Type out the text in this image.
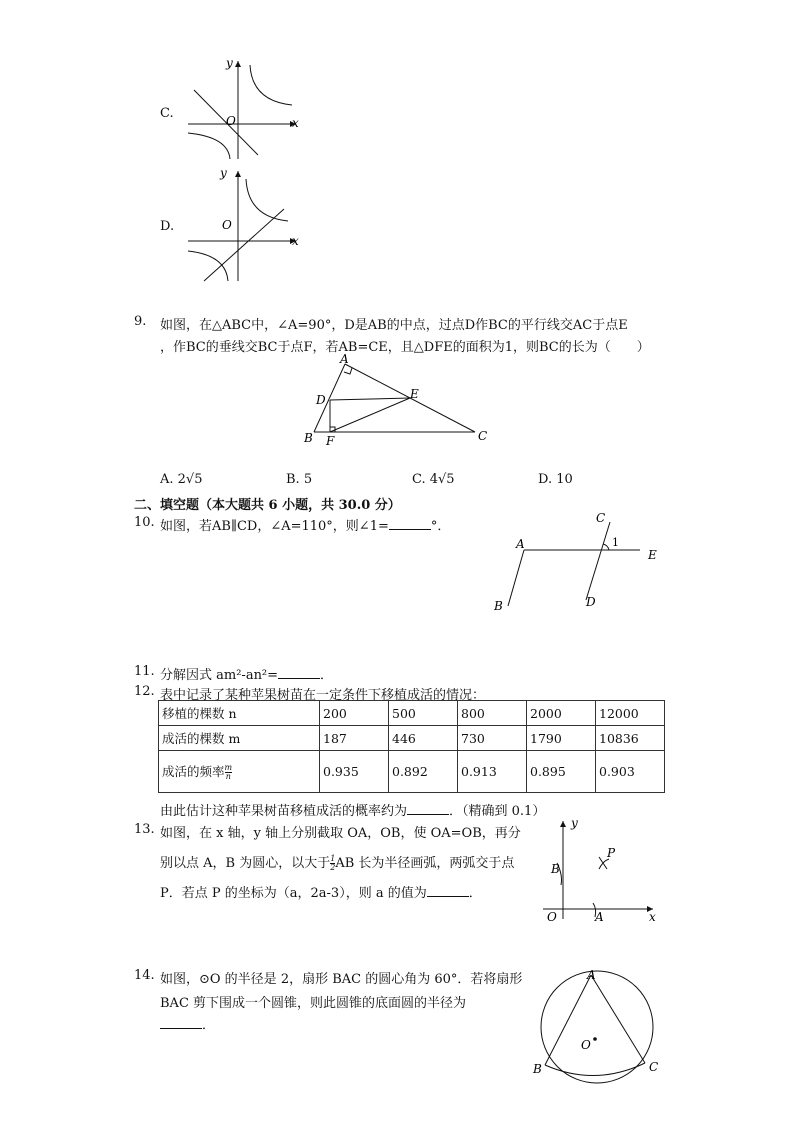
C.
x
y
O
D.
x
y
O
9. 如图，在△ABC中，∠A=90°，D是AB的中点，过点D作BC的平行线交AC于点E
，作BC的垂线交BC于点F，若AB=CE，且△DFE的面积为1，则BC的长为（　　）
A
B	C
D	E
F
A. 2√5	B. 5	C. 4√5	D. 10
二、填空题（本大题共 6 小题，共 30.0 分）
10. 如图，若AB∥CD，∠A=110°，则∠1=	°．
A
B
C
D
E
1
11. 分解因式 am²-an²=	．
12. 表中记录了某种苹果树苗在一定条件下移植成活的情况：
移植的棵数 n	200	500	800	2000	12000
成活的棵数 m	187	446	730	1790	10836
成活的频率 $\frac{m}{n}$	0.935	0.892	0.913	0.895	0.903
由此估计这种苹果树苗移植成活的概率约为	．（精确到 0.1）
13. 如图，在 x 轴，y 轴上分别截取 OA，OB，使 OA=OB，再分
别以点 A，B 为圆心，以大于 $\frac{1}{2}$ AB 长为半径画弧，两弧交于点
P．若点 P 的坐标为（a，2a-3），则 a 的值为	．
y
x
O	A
B
P
14. 如图，⊙O 的半径是 2，扇形 BAC 的圆心角为 60°．若将扇形
BAC 剪下围成一个圆锥，则此圆锥的底面圆的半径为
．
A
B	C
O
